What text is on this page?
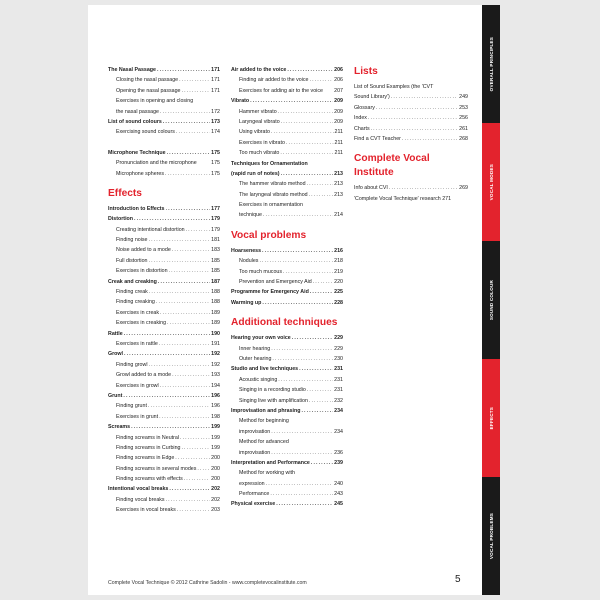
The Nasal Passage .....	171
Closing the nasal passage .....	171
Opening the nasal passage .....	171
Exercises in opening and closing
the nasal passage .....	172
List of sound colours .....	173
Exercising sound colours .....	174
Microphone Technique .....	175
Pronunciation and the microphone	175
Microphone spheres .....	175
Effects
Introduction to Effects .....	177
Distortion .....	179
Creating intentional distortion .....	179
Finding noise .....	181
Noise added to a mode .....	183
Full distortion .....	185
Exercises in distortion .....	185
Creak and creaking .....	187
Finding creak .....	188
Finding creaking .....	188
Exercises in creak .....	189
Exercises in creaking .....	189
Rattle .....	190
Exercises in rattle .....	191
Growl .....	192
Finding growl .....	192
Growl added to a mode .....	193
Exercises in growl .....	194
Grunt .....	196
Finding grunt .....	196
Exercises in grunt .....	198
Screams .....	199
Finding screams in Neutral .....	199
Finding screams in Curbing .....	199
Finding screams in Edge .....	200
Finding screams in several modes .....	200
Finding screams with effects .....	200
Intentional vocal breaks .....	202
Finding vocal breaks .....	202
Exercises in vocal breaks .....	203
Air added to the voice .....	206
Finding air added to the voice .....	206
Exercises for adding air to the voice 207
Vibrato .....	209
Hammer vibrato .....	209
Laryngeal vibrato .....	209
Using vibrato .....	211
Exercises in vibrato .....	211
Too much vibrato .....	211
Techniques for Ornamentation
(rapid run of notes) .....	213
The hammer vibrato method .....	213
The laryngeal vibrato method .....	213
Exercises in ornamentation
technique .....	214
Vocal problems
Hoarseness .....	216
Nodules .....	218
Too much mucous .....	219
Prevention and Emergency Aid .....	220
Programme for Emergency Aid .....	225
Warming up .....	228
Additional techniques
Hearing your own voice .....	229
Inner hearing .....	229
Outer hearing .....	230
Studio and live techniques .....	231
Acoustic singing .....	231
Singing in a recording studio .....	231
Singing live with amplification .....	232
Improvisation and phrasing .....	234
Method for beginning
improvisation .....	234
Method for advanced
improvisation .....	236
Interpretation and Performance .....	239
Method for working with
expression .....	240
Performance .....	243
Physical exercise .....	245
Lists
List of Sound Examples (the 'CVT
Sound Library') .....	249
Glossary .....	253
Index .....	256
Charts .....	261
Find a CVT Teacher .....	268
Complete Vocal Institute
Info about CVI .....	269
'Complete Vocal Technique' research 271
OVERALL PRINCIPLES
VOCAL MODES
SOUND COLOUR
EFFECTS
VOCAL PROBLEMS
Complete Vocal Technique © 2012 Cathrine Sadolin - www.completevocalinstitute.com	5
